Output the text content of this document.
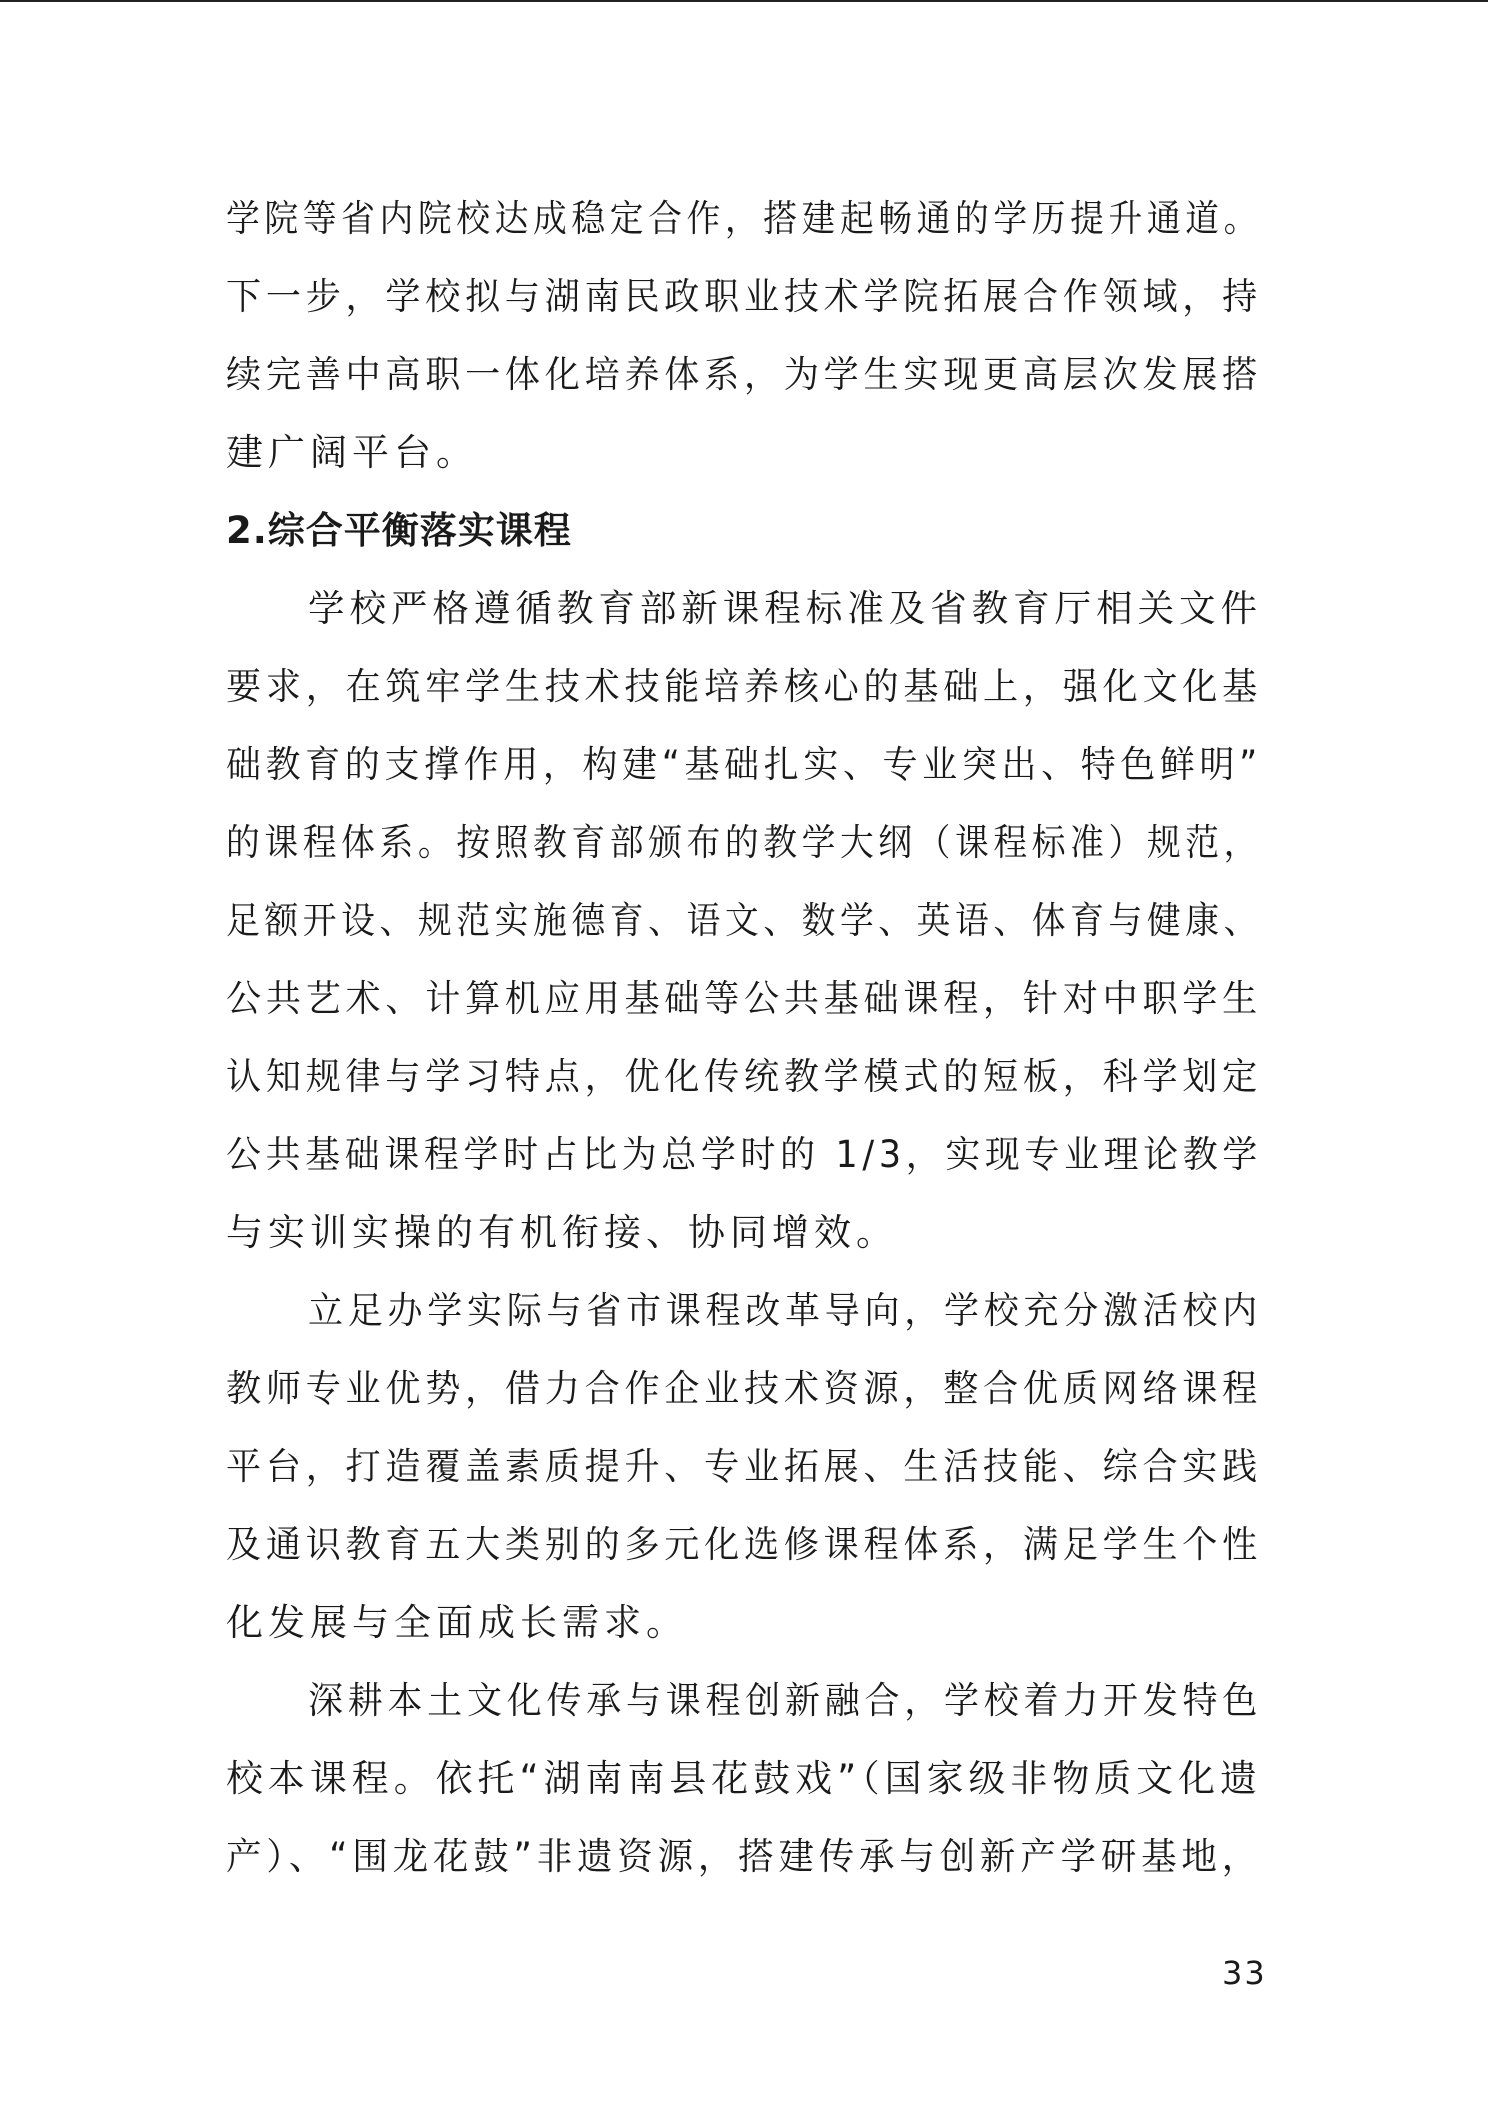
学院等省内院校达成稳定合作，搭建起畅通的学历提升通道。
下一步，学校拟与湖南民政职业技术学院拓展合作领域，持
续完善中高职一体化培养体系，为学生实现更高层次发展搭
建广阔平台。
2.综合平衡落实课程
学校严格遵循教育部新课程标准及省教育厅相关文件
要求，在筑牢学生技术技能培养核心的基础上，强化文化基
础教育的支撑作用，构建“基础扎实、专业突出、特色鲜明”
的课程体系。按照教育部颁布的教学大纲（课程标准）规范，
足额开设、规范实施德育、语文、数学、英语、体育与健康、
公共艺术、计算机应用基础等公共基础课程，针对中职学生
认知规律与学习特点，优化传统教学模式的短板，科学划定
公共基础课程学时占比为总学时的 1/3，实现专业理论教学
与实训实操的有机衔接、协同增效。
立足办学实际与省市课程改革导向，学校充分激活校内
教师专业优势，借力合作企业技术资源，整合优质网络课程
平台，打造覆盖素质提升、专业拓展、生活技能、综合实践
及通识教育五大类别的多元化选修课程体系，满足学生个性
化发展与全面成长需求。
深耕本土文化传承与课程创新融合，学校着力开发特色
校本课程。依托“湖南南县花鼓戏”（国家级非物质文化遗
产）、“围龙花鼓”非遗资源，搭建传承与创新产学研基地，
33
